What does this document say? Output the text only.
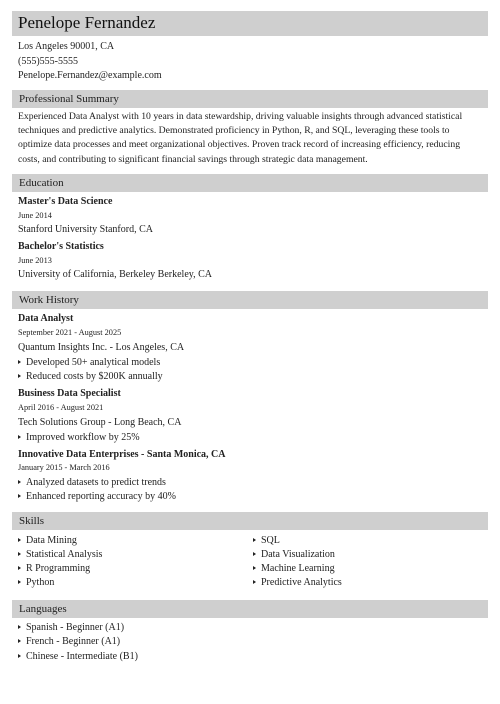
Penelope Fernandez
Los Angeles 90001, CA
(555)555-5555
Penelope.Fernandez@example.com
Professional Summary
Experienced Data Analyst with 10 years in data stewardship, driving valuable insights through advanced statistical techniques and predictive analytics. Demonstrated proficiency in Python, R, and SQL, leveraging these tools to optimize data processes and meet organizational objectives. Proven track record of increasing efficiency, reducing costs, and contributing to significant financial savings through strategic data management.
Education
Master's Data Science
June 2014
Stanford University Stanford, CA
Bachelor's Statistics
June 2013
University of California, Berkeley Berkeley, CA
Work History
Data Analyst
September 2021 - August 2025
Quantum Insights Inc. - Los Angeles, CA
Developed 50+ analytical models
Reduced costs by $200K annually
Business Data Specialist
April 2016 - August 2021
Tech Solutions Group - Long Beach, CA
Improved workflow by 25%
Innovative Data Enterprises - Santa Monica, CA
January 2015 - March 2016
Analyzed datasets to predict trends
Enhanced reporting accuracy by 40%
Skills
Data Mining
Statistical Analysis
R Programming
Python
SQL
Data Visualization
Machine Learning
Predictive Analytics
Languages
Spanish - Beginner (A1)
French - Beginner (A1)
Chinese - Intermediate (B1)
